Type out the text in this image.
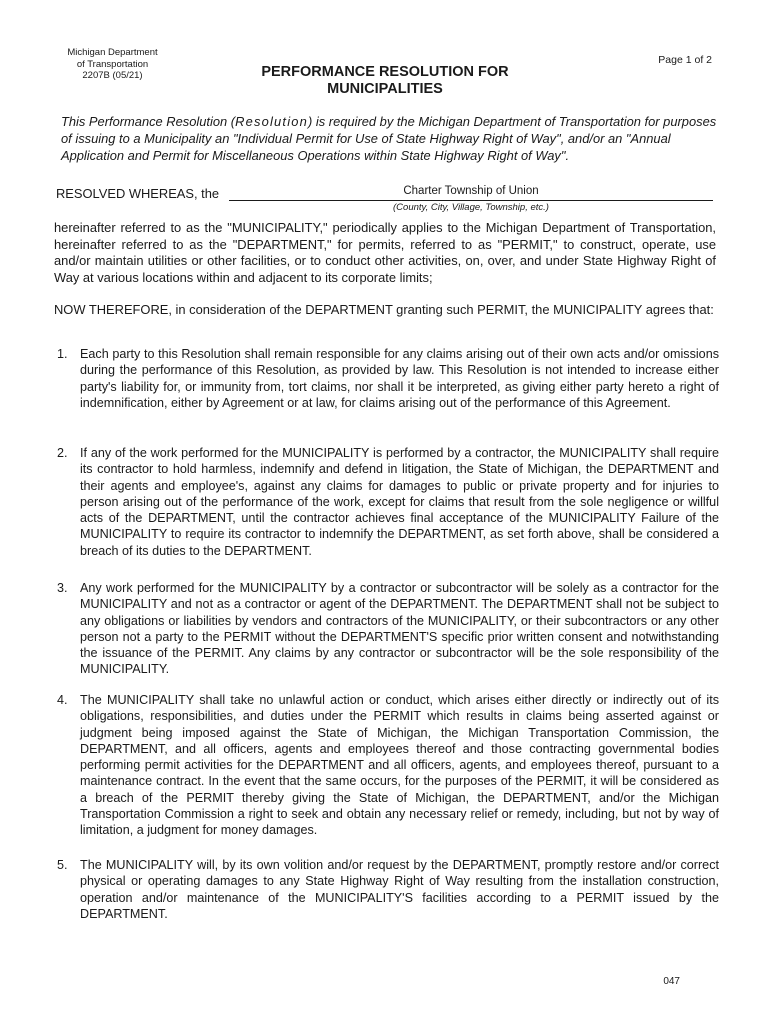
Michigan Department
of Transportation
2207B (05/21)
Page 1 of 2
PERFORMANCE RESOLUTION FOR
MUNICIPALITIES
This Performance Resolution (Resolution) is required by the Michigan Department of Transportation for purposes of issuing to a Municipality an "Individual Permit for Use of State Highway Right of Way", and/or an "Annual Application and Permit for Miscellaneous Operations within State Highway Right of Way".
RESOLVED WHEREAS, the	Charter Township of Union
(County, City, Village, Township, etc.)
hereinafter referred to as the "MUNICIPALITY," periodically applies to the Michigan Department of Transportation, hereinafter referred to as the "DEPARTMENT," for permits, referred to as "PERMIT," to construct, operate, use and/or maintain utilities or other facilities, or to conduct other activities, on, over, and under State Highway Right of Way at various locations within and adjacent to its corporate limits;
NOW THEREFORE, in consideration of the DEPARTMENT granting such PERMIT, the MUNICIPALITY agrees that:
1. Each party to this Resolution shall remain responsible for any claims arising out of their own acts and/or omissions during the performance of this Resolution, as provided by law. This Resolution is not intended to increase either party's liability for, or immunity from, tort claims, nor shall it be interpreted, as giving either party hereto a right of indemnification, either by Agreement or at law, for claims arising out of the performance of this Agreement.
2. If any of the work performed for the MUNICIPALITY is performed by a contractor, the MUNICIPALITY shall require its contractor to hold harmless, indemnify and defend in litigation, the State of Michigan, the DEPARTMENT and their agents and employee's, against any claims for damages to public or private property and for injuries to person arising out of the performance of the work, except for claims that result from the sole negligence or willful acts of the DEPARTMENT, until the contractor achieves final acceptance of the MUNICIPALITY Failure of the MUNICIPALITY to require its contractor to indemnify the DEPARTMENT, as set forth above, shall be considered a breach of its duties to the DEPARTMENT.
3. Any work performed for the MUNICIPALITY by a contractor or subcontractor will be solely as a contractor for the MUNICIPALITY and not as a contractor or agent of the DEPARTMENT. The DEPARTMENT shall not be subject to any obligations or liabilities by vendors and contractors of the MUNICIPALITY, or their subcontractors or any other person not a party to the PERMIT without the DEPARTMENT'S specific prior written consent and notwithstanding the issuance of the PERMIT. Any claims by any contractor or subcontractor will be the sole responsibility of the MUNICIPALITY.
4. The MUNICIPALITY shall take no unlawful action or conduct, which arises either directly or indirectly out of its obligations, responsibilities, and duties under the PERMIT which results in claims being asserted against or judgment being imposed against the State of Michigan, the Michigan Transportation Commission, the DEPARTMENT, and all officers, agents and employees thereof and those contracting governmental bodies performing permit activities for the DEPARTMENT and all officers, agents, and employees thereof, pursuant to a maintenance contract. In the event that the same occurs, for the purposes of the PERMIT, it will be considered as a breach of the PERMIT thereby giving the State of Michigan, the DEPARTMENT, and/or the Michigan Transportation Commission a right to seek and obtain any necessary relief or remedy, including, but not by way of limitation, a judgment for money damages.
5. The MUNICIPALITY will, by its own volition and/or request by the DEPARTMENT, promptly restore and/or correct physical or operating damages to any State Highway Right of Way resulting from the installation construction, operation and/or maintenance of the MUNICIPALITY'S facilities according to a PERMIT issued by the DEPARTMENT.
047
